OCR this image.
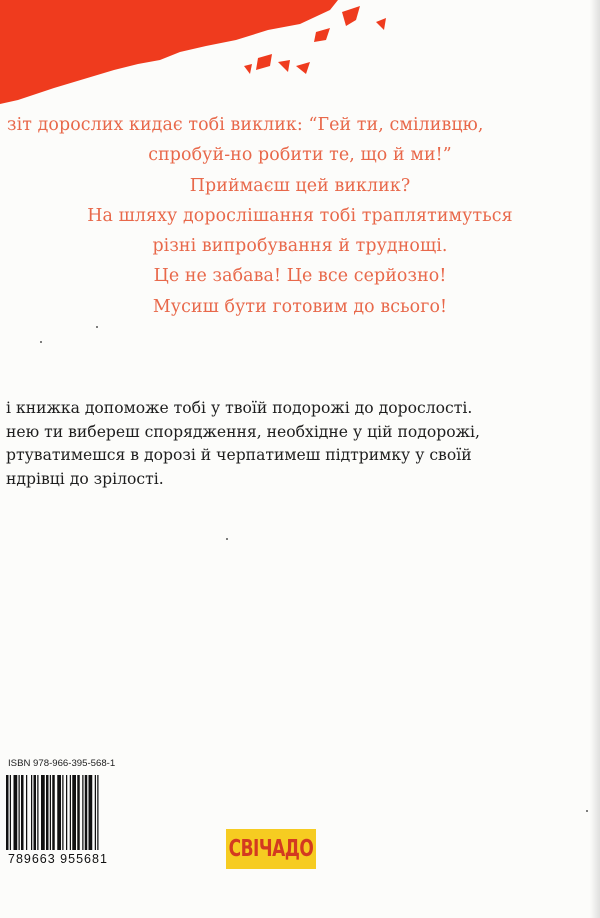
зіт дорослих кидає тобі виклик: “Гей ти, сміливцю,
спробуй-но робити те, що й ми!”
Приймаєш цей виклик?
На шляху дорослішання тобі траплятимуться
різні випробування й труднощі.
Це не забава! Це все серйозно!
Мусиш бути готовим до всього!
і книжка допоможе тобі у твоїй подорожі до дорослості.
нею ти вибереш спорядження, необхідне у цій подорожі,
ртуватимешся в дорозі й черпатимеш підтримку у своїй
ндрівці до зрілості.
ISBN 978-966-395-568-1
789663 955681	СВІЧАДО
